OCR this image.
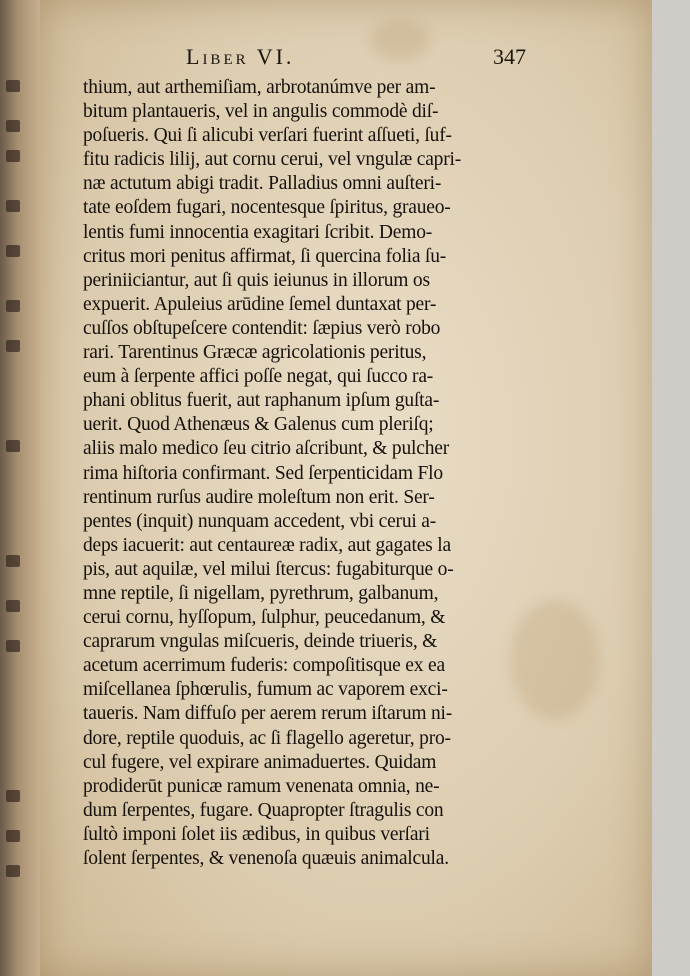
Liber VI.	347
thium, aut arthemiſiam, arbrotanúmve per am-
bitum plantaueris, vel in angulis commodè diſ-
poſueris. Qui ſi alicubi verſari fuerint aſſueti, ſuf-
fitu radicis lilij, aut cornu cerui, vel vngulæ capri-
næ actutum abigi tradit. Palladius omni auſteri-
tate eoſdem fugari, nocentesque ſpiritus, graueo-
lentis fumi innocentia exagitari ſcribit. Demo-
critus mori penitus affirmat, ſi quercina folia ſu-
periniiciantur, aut ſi quis ieiunus in illorum os
expuerit. Apuleius arūdine ſemel duntaxat per-
cuſſos obſtupeſcere contendit: ſæpius verò robo
rari. Tarentinus Græcæ agricolationis peritus,
eum à ſerpente affici poſſe negat, qui ſucco ra-
phani oblitus fuerit, aut raphanum ipſum guſta-
uerit. Quod Athenæus & Galenus cum pleriſq;
aliis malo medico ſeu citrio aſcribunt, & pulcher
rima hiſtoria confirmant. Sed ſerpenticidam Flo
rentinum rurſus audire moleſtum non erit. Ser-
pentes (inquit) nunquam accedent, vbi cerui a-
deps iacuerit: aut centaureæ radix, aut gagates la
pis, aut aquilæ, vel milui ſtercus: fugabiturque o-
mne reptile, ſi nigellam, pyrethrum, galbanum,
cerui cornu, hyſſopum, ſulphur, peucedanum, &
caprarum vngulas miſcueris, deinde triueris, &
acetum acerrimum fuderis: compoſitisque ex ea
miſcellanea ſphœrulis, fumum ac vaporem exci-
taueris. Nam diffuſo per aerem rerum iſtarum ni-
dore, reptile quoduis, ac ſi flagello ageretur, pro-
cul fugere, vel expirare animaduertes. Quidam
prodiderūt punicæ ramum venenata omnia, ne-
dum ſerpentes, fugare. Quapropter ſtragulis con
ſultò imponi ſolet iis ædibus, in quibus verſari
ſolent ſerpentes, & venenoſa quæuis animalcula.
